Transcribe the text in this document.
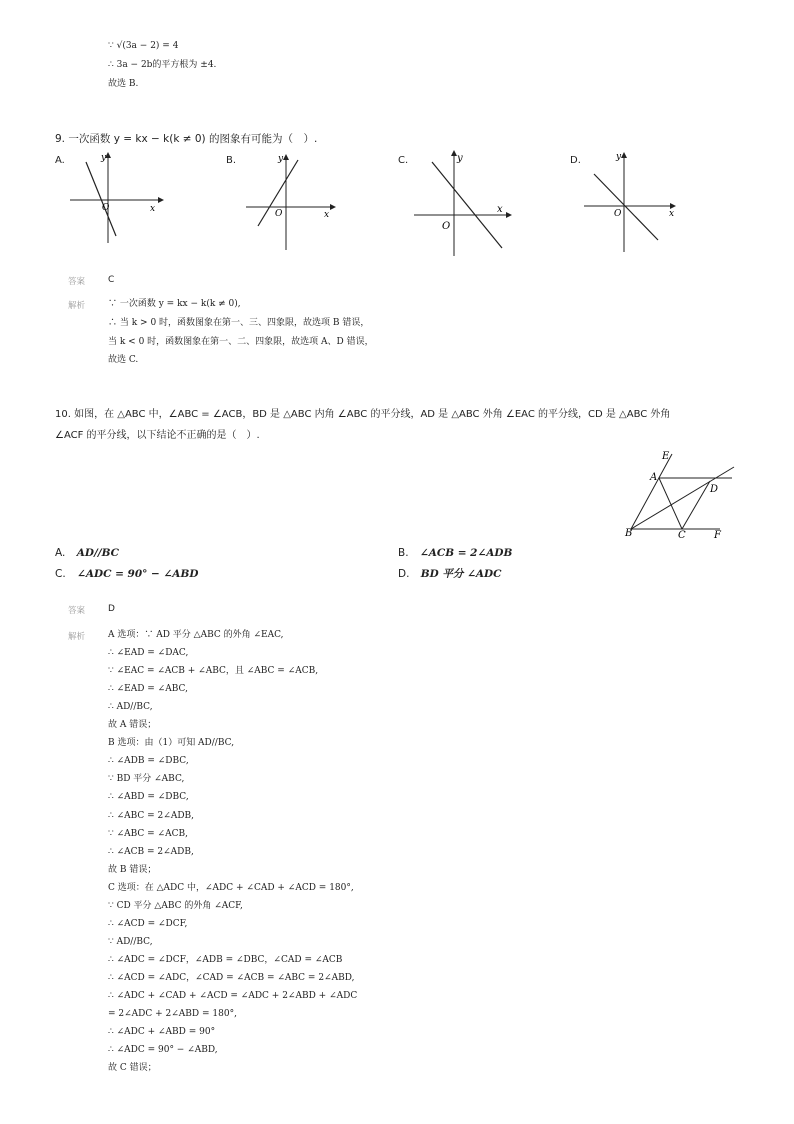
∵ √(3a − 2) = 4
∴ 3a − 2b的平方根为 ±4.
故选 B.
9. 一次函数 y = kx − k(k ≠ 0) 的图象有可能为（　）.
A.	B.	C.	D.
x
y
O
x
y
O	x
y
O
x
y
O
答案	C
解析	∵ 一次函数 y = kx − k(k ≠ 0),
∴ 当 k > 0 时，函数图象在第一、三、四象限，故选项 B 错误，
当 k < 0 时，函数图象在第一、二、四象限，故选项 A、D 错误，
故选 C.
10. 如图，在 △ABC 中，∠ABC = ∠ACB，BD 是 △ABC 内角 ∠ABC 的平分线，AD 是 △ABC 外角 ∠EAC 的平分线，CD 是 △ABC 外角
∠ACF 的平分线，以下结论不正确的是（　）.
E
A
D
B	C	F
A. AD//BC	B. ∠ACB = 2∠ADB
C. ∠ADC = 90° − ∠ABD	D. BD 平分 ∠ADC
答案	D
解析	A 选项：∵ AD 平分 △ABC 的外角 ∠EAC,
∴ ∠EAD = ∠DAC,
∵ ∠EAC = ∠ACB + ∠ABC，且 ∠ABC = ∠ACB,
∴ ∠EAD = ∠ABC,
∴ AD//BC,
故 A 错误；
B 选项：由（1）可知 AD//BC,
∴ ∠ADB = ∠DBC,
∵ BD 平分 ∠ABC,
∴ ∠ABD = ∠DBC,
∴ ∠ABC = 2∠ADB,
∵ ∠ABC = ∠ACB,
∴ ∠ACB = 2∠ADB,
故 B 错误；
C 选项：在 △ADC 中，∠ADC + ∠CAD + ∠ACD = 180°,
∵ CD 平分 △ABC 的外角 ∠ACF,
∴ ∠ACD = ∠DCF,
∵ AD//BC,
∴ ∠ADC = ∠DCF，∠ADB = ∠DBC，∠CAD = ∠ACB
∴ ∠ACD = ∠ADC，∠CAD = ∠ACB = ∠ABC = 2∠ABD,
∴ ∠ADC + ∠CAD + ∠ACD = ∠ADC + 2∠ABD + ∠ADC
= 2∠ADC + 2∠ABD = 180°,
∴ ∠ADC + ∠ABD = 90°
∴ ∠ADC = 90° − ∠ABD,
故 C 错误；
